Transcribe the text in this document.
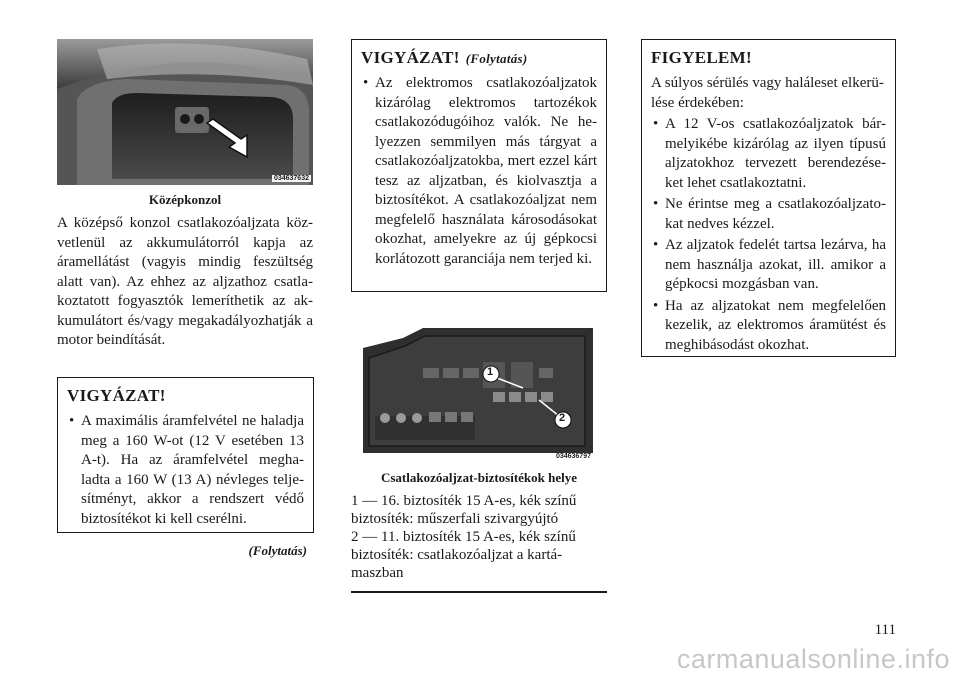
034637632
Középkonzol
A középső konzol csatlakozóaljzata köz-vetlenül az akkumulátorról kapja az áramellátást (vagyis mindig feszültség alatt van). Az ehhez az aljzathoz csatla-koztatott fogyasztók lemeríthetik az ak-kumulátort és/vagy megakadályozhatják a motor beindítását.
VIGYÁZAT!
• A maximális áramfelvétel ne haladja meg a 160 W-ot (12 V esetében 13 A-t). Ha az áramfelvétel megha-ladta a 160 W (13 A) névleges telje-sítményt, akkor a rendszert védő biztosítékot ki kell cserélni.
(Folytatás)
VIGYÁZAT! (Folytatás)
• Az elektromos csatlakozóaljzatok kizárólag elektromos tartozékok csatlakozódugóihoz valók. Ne he-lyezzen semmilyen más tárgyat a csatlakozóaljzatokba, mert ezzel kárt tesz az aljzatban, és kiolvasztja a biztosítékot. A csatlakozóaljzat nem megfelelő használata károsodásokat okozhat, amelyekre az új gépkocsi korlátozott garanciája nem terjed ki.
1
2
034636797
Csatlakozóaljzat-biztosítékok helye
1 — 16. biztosíték 15 A-es, kék színű
biztosíték: műszerfali szivargyújtó
2 — 11. biztosíték 15 A-es, kék színű
biztosíték: csatlakozóaljzat a kartá-
maszban
FIGYELEM!
A súlyos sérülés vagy haláleset elkerü-lése érdekében:
• A 12 V-os csatlakozóaljzatok bár-melyikébe kizárólag az ilyen típusú aljzatokhoz tervezett berendezése-ket lehet csatlakoztatni.
• Ne érintse meg a csatlakozóaljzato-kat nedves kézzel.
• Az aljzatok fedelét tartsa lezárva, ha nem használja azokat, ill. amikor a gépkocsi mozgásban van.
• Ha az aljzatokat nem megfelelően kezelik, az elektromos áramütést és meghibásodást okozhat.
111
carmanualsonline.info
